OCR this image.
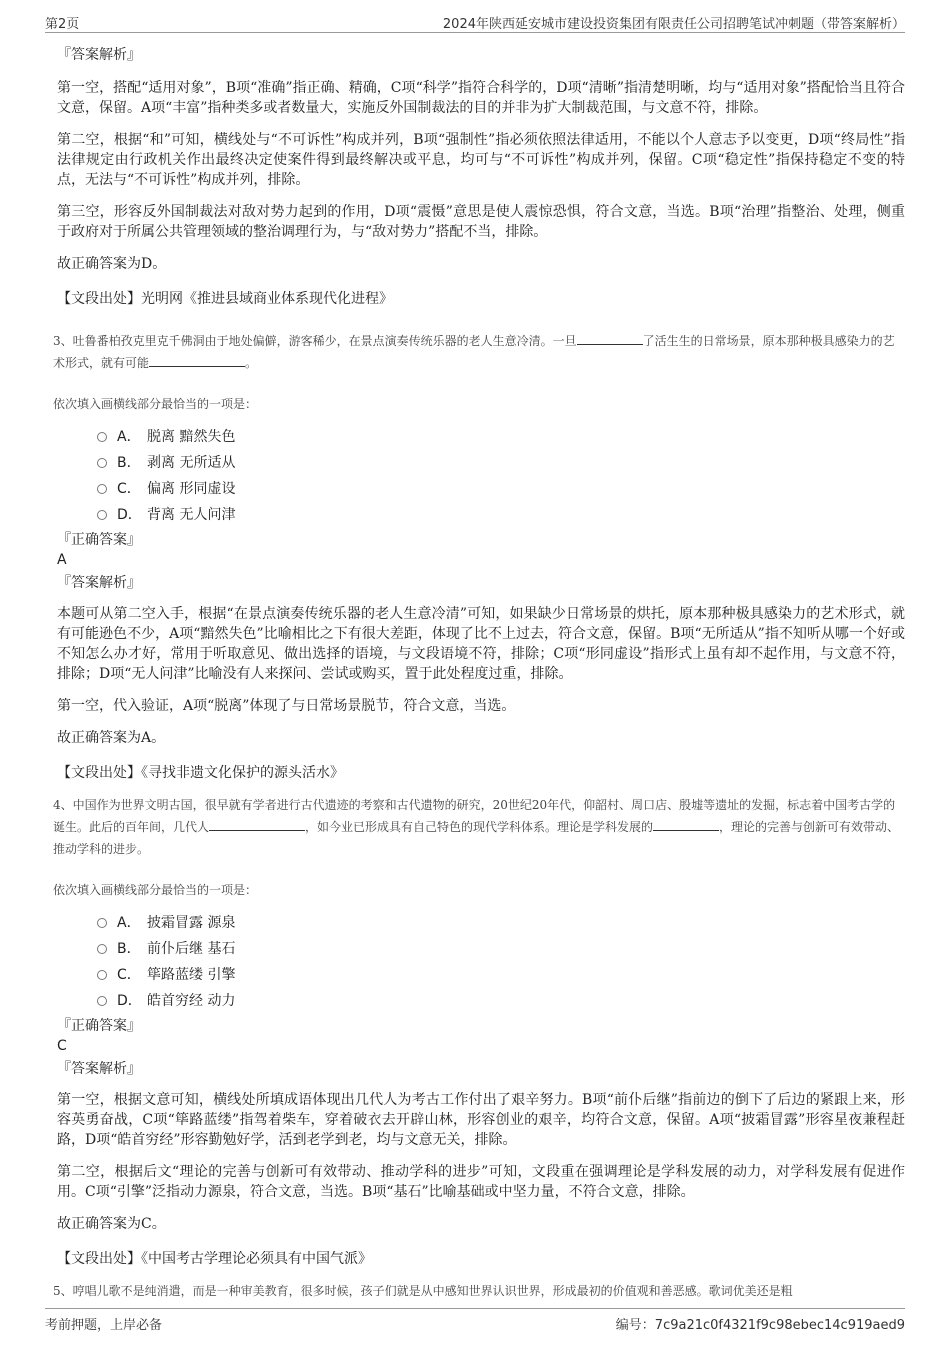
第2页	2024年陕西延安城市建设投资集团有限责任公司招聘笔试冲刺题（带答案解析）
『答案解析』
第一空，搭配“适用对象”，B项“准确”指正确、精确，C项“科学”指符合科学的，D项“清晰”指清楚明晰，均与“适用对象”搭配恰当且符合文意，保留。A项“丰富”指种类多或者数量大，实施反外国制裁法的目的并非为扩大制裁范围，与文意不符，排除。
第二空，根据“和”可知，横线处与“不可诉性”构成并列，B项“强制性”指必须依照法律适用，不能以个人意志予以变更，D项“终局性”指法律规定由行政机关作出最终决定使案件得到最终解决或平息，均可与“不可诉性”构成并列，保留。C项“稳定性”指保持稳定不变的特点，无法与“不可诉性”构成并列，排除。
第三空，形容反外国制裁法对敌对势力起到的作用，D项“震慑”意思是使人震惊恐惧，符合文意，当选。B项“治理”指整治、处理，侧重于政府对于所属公共管理领域的整治调理行为，与“敌对势力”搭配不当，排除。
故正确答案为D。
【文段出处】光明网《推进县域商业体系现代化进程》
3、吐鲁番柏孜克里克千佛洞由于地处偏僻，游客稀少，在景点演奏传统乐器的老人生意冷清。一旦	了活生生的日常场景，原本那种极具感染力的艺术形式，就有可能	。
依次填入画横线部分最恰当的一项是：
A． 脱离 黯然失色
B． 剥离 无所适从
C． 偏离 形同虚设
D． 背离 无人问津
『正确答案』
A
『答案解析』
本题可从第二空入手，根据“在景点演奏传统乐器的老人生意冷清”可知，如果缺少日常场景的烘托，原本那种极具感染力的艺术形式，就有可能逊色不少，A项“黯然失色”比喻相比之下有很大差距，体现了比不上过去，符合文意，保留。B项“无所适从”指不知听从哪一个好或不知怎么办才好，常用于听取意见、做出选择的语境，与文段语境不符，排除；C项“形同虚设”指形式上虽有却不起作用，与文意不符，排除；D项“无人问津”比喻没有人来探问、尝试或购买，置于此处程度过重，排除。
第一空，代入验证，A项“脱离”体现了与日常场景脱节，符合文意，当选。
故正确答案为A。
【文段出处】《寻找非遗文化保护的源头活水》
4、中国作为世界文明古国，很早就有学者进行古代遗迹的考察和古代遗物的研究，20世纪20年代，仰韶村、周口店、殷墟等遗址的发掘，标志着中国考古学的诞生。此后的百年间，几代人	，如今业已形成具有自己特色的现代学科体系。理论是学科发展的	，理论的完善与创新可有效带动、推动学科的进步。
依次填入画横线部分最恰当的一项是：
A． 披霜冒露 源泉
B． 前仆后继 基石
C． 筚路蓝缕 引擎
D． 皓首穷经 动力
『正确答案』
C
『答案解析』
第一空，根据文意可知，横线处所填成语体现出几代人为考古工作付出了艰辛努力。B项“前仆后继”指前边的倒下了后边的紧跟上来，形容英勇奋战，C项“筚路蓝缕”指驾着柴车，穿着破衣去开辟山林，形容创业的艰辛，均符合文意，保留。A项“披霜冒露”形容星夜兼程赶路，D项“皓首穷经”形容勤勉好学，活到老学到老，均与文意无关，排除。
第二空，根据后文“理论的完善与创新可有效带动、推动学科的进步”可知，文段重在强调理论是学科发展的动力，对学科发展有促进作用。C项“引擎”泛指动力源泉，符合文意，当选。B项“基石”比喻基础或中坚力量，不符合文意，排除。
故正确答案为C。
【文段出处】《中国考古学理论必须具有中国气派》
5、哼唱儿歌不是纯消遣，而是一种审美教育，很多时候，孩子们就是从中感知世界认识世界，形成最初的价值观和善恶感。歌词优美还是粗
考前押题，上岸必备	编号：7c9a21c0f4321f9c98ebec14c919aed9
